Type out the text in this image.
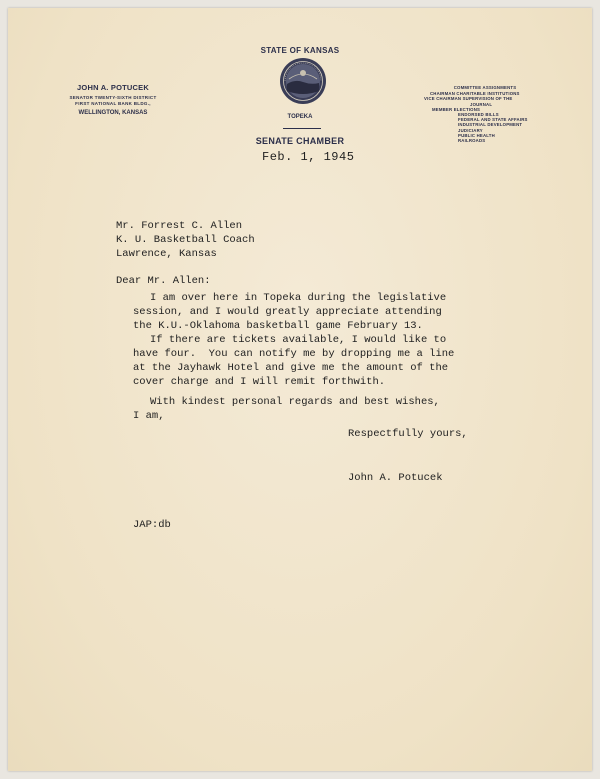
STATE OF KANSAS
TOPEKA
SENATE CHAMBER
JOHN A. POTUCEK
SENATOR TWENTY-SIXTH DISTRICT
FIRST NATIONAL BANK BLDG.,
WELLINGTON, KANSAS
COMMITTEE ASSIGNMENTS
CHAIRMAN CHARITABLE INSTITUTIONS
VICE CHAIRMAN SUPERVISION OF THE
JOURNAL
MEMBER ELECTIONS
ENDORSED BILLS
FEDERAL AND STATE AFFAIRS
INDUSTRIAL DEVELOPMENT
JUDICIARY
PUBLIC HEALTH
RAILROADS
Feb. 1, 1945
Mr. Forrest C. Allen
K. U. Basketball Coach
Lawrence, Kansas
Dear Mr. Allen:
I am over here in Topeka during the legislative
session, and I would greatly appreciate attending
the K.U.-Oklahoma basketball game February 13.
If there are tickets available, I would like to
have four.  You can notify me by dropping me a line
at the Jayhawk Hotel and give me the amount of the
cover charge and I will remit forthwith.
With kindest personal regards and best wishes,
I am,
Respectfully yours,
John A. Potucek
JAP:db
